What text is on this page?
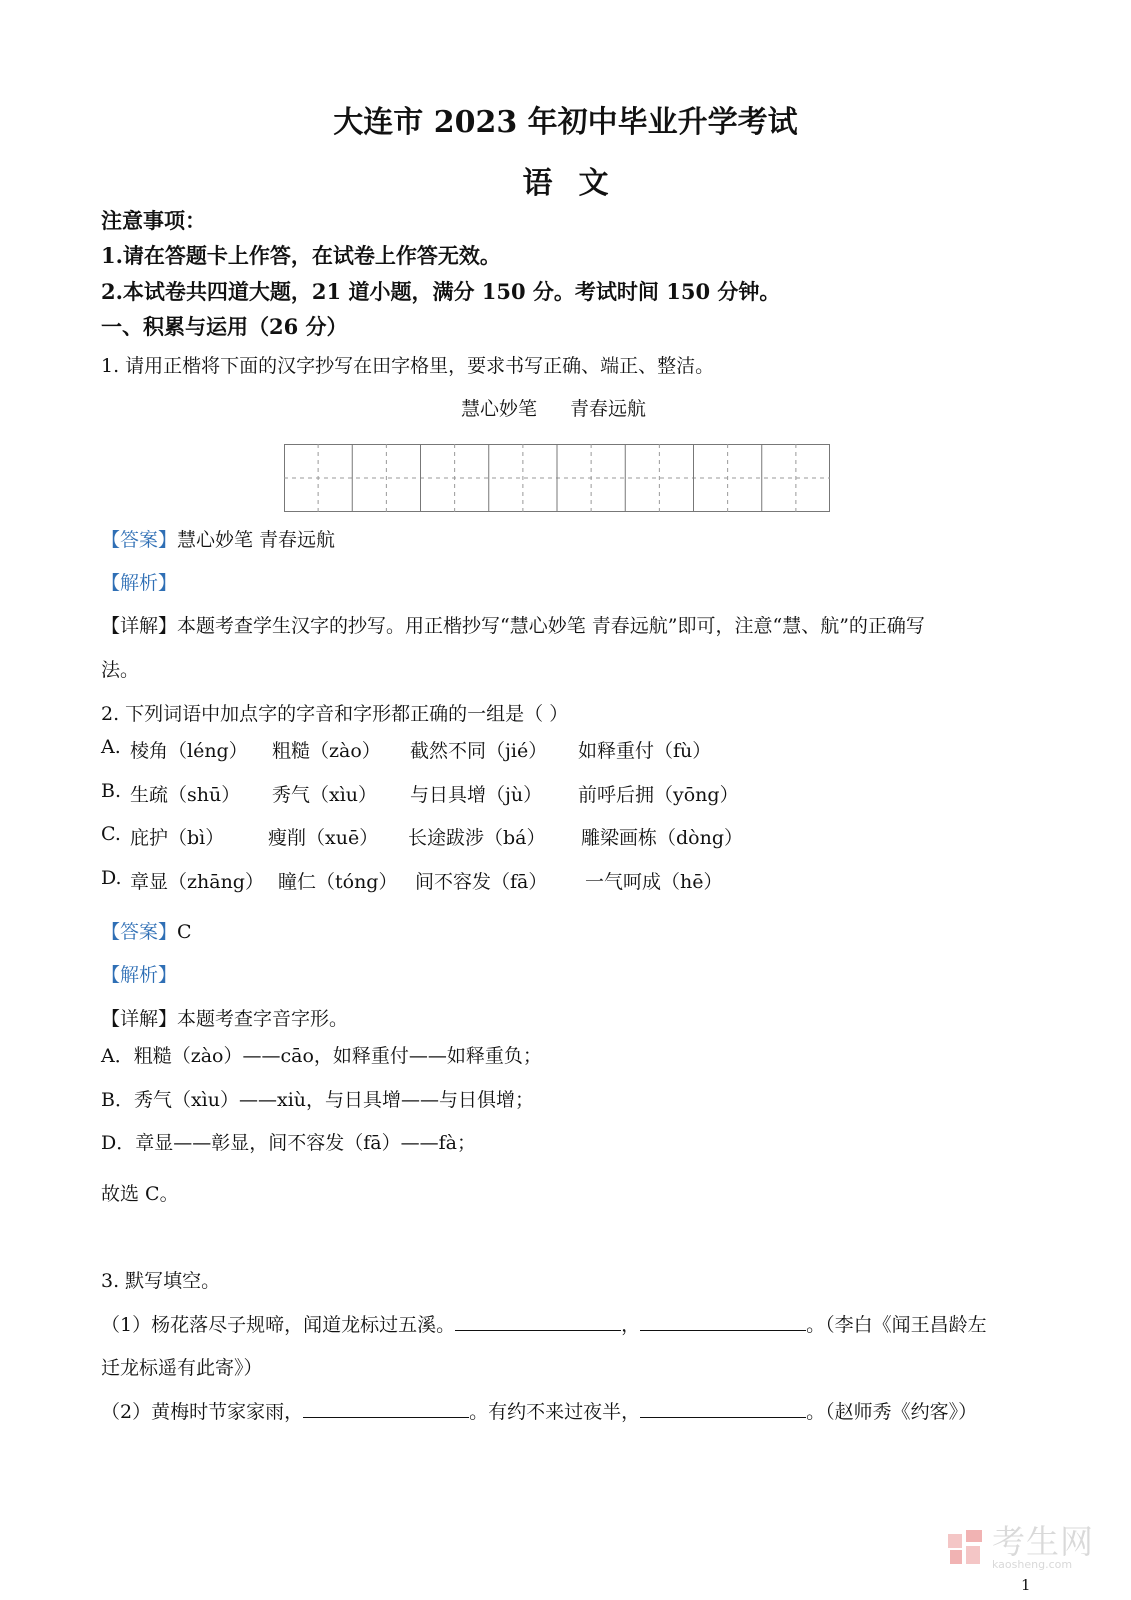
大连市 2023 年初中毕业升学考试
语文
注意事项：
1.请在答题卡上作答，在试卷上作答无效。
2.本试卷共四道大题，21 道小题，满分 150 分。考试时间 150 分钟。
一、积累与运用（26 分）
1. 请用正楷将下面的汉字抄写在田字格里，要求书写正确、端正、整洁。
慧心妙笔 青春远航
【答案】慧心妙笔 青春远航
【解析】
【详解】本题考查学生汉字的抄写。用正楷抄写“慧心妙笔 青春远航”即可，注意“慧、航”的正确写
法。
2. 下列词语中加点字的字音和字形都正确的一组是（ ）
A. 棱角（léng） 粗糙（zào） 截然不同（jié） 如释重付（fù）
B. 生疏（shū） 秀气（xìu） 与日具增（jù） 前呼后拥（yōng）
C. 庇护（bì） 瘦削（xuē） 长途跋涉（bá） 雕梁画栋（dòng）
D. 章显（zhāng） 瞳仁（tóng） 间不容发（fā） 一气呵成（hē）
【答案】C
【解析】
【详解】本题考查字音字形。
A．粗糙（zào）——cāo，如释重付——如释重负；
B．秀气（xìu）——xiù，与日具增——与日俱增；
D．章显——彰显，间不容发（fā）——fà；
故选 C。
3. 默写填空。
（1）杨花落尽子规啼，闻道龙标过五溪。	，	。（李白《闻王昌龄左
迁龙标遥有此寄》）
（2）黄梅时节家家雨，	。有约不来过夜半，	。（赵师秀《约客》）
考生网
kaosheng.com
1
